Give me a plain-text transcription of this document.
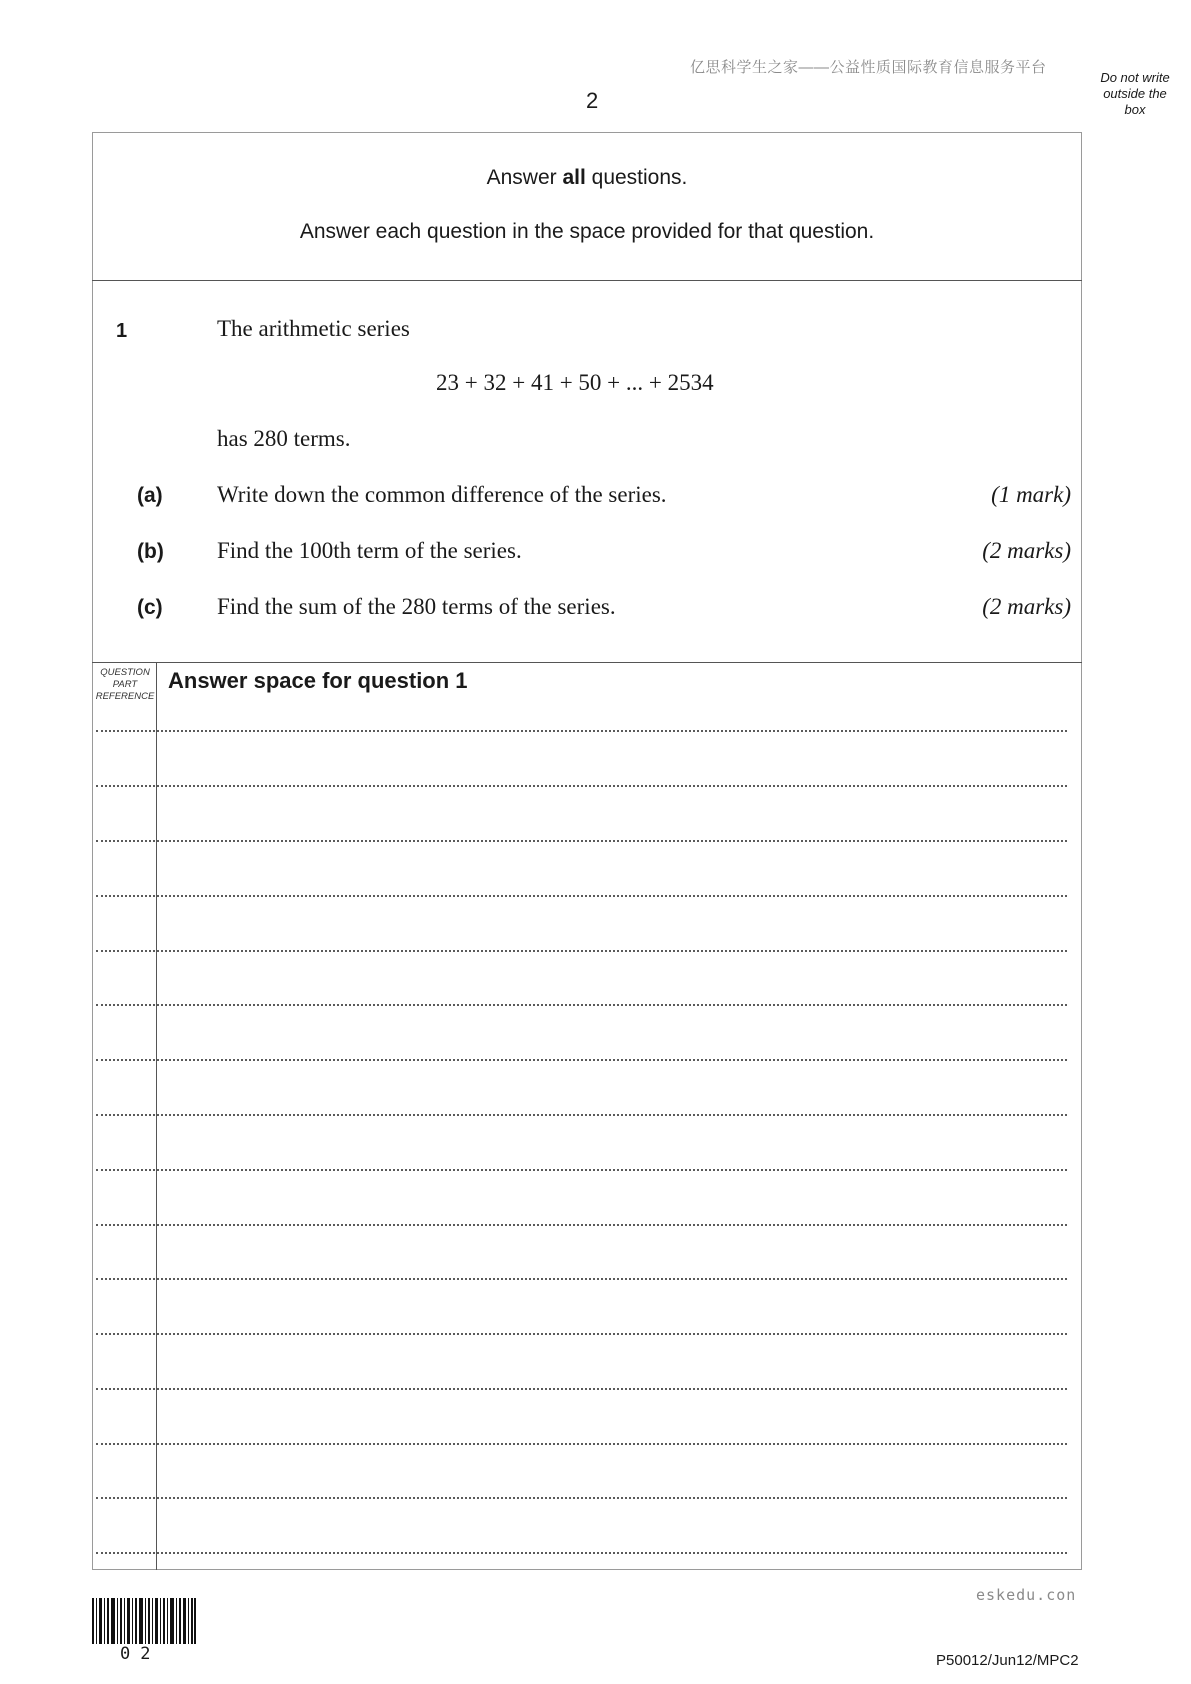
亿思科学生之家——公益性质国际教育信息服务平台
2
Do not write
outside the
box
Answer all questions.
Answer each question in the space provided for that question.
1	The arithmetic series
23 + 32 + 41 + 50 + ... + 2534
has 280 terms.
(a) Write down the common difference of the series.	(1 mark)
(b) Find the 100th term of the series.	(2 marks)
(c) Find the sum of the 280 terms of the series.	(2 marks)
QUESTION
PART
REFERENCE
Answer space for question 1
eskedu.con
02	P50012/Jun12/MPC2
